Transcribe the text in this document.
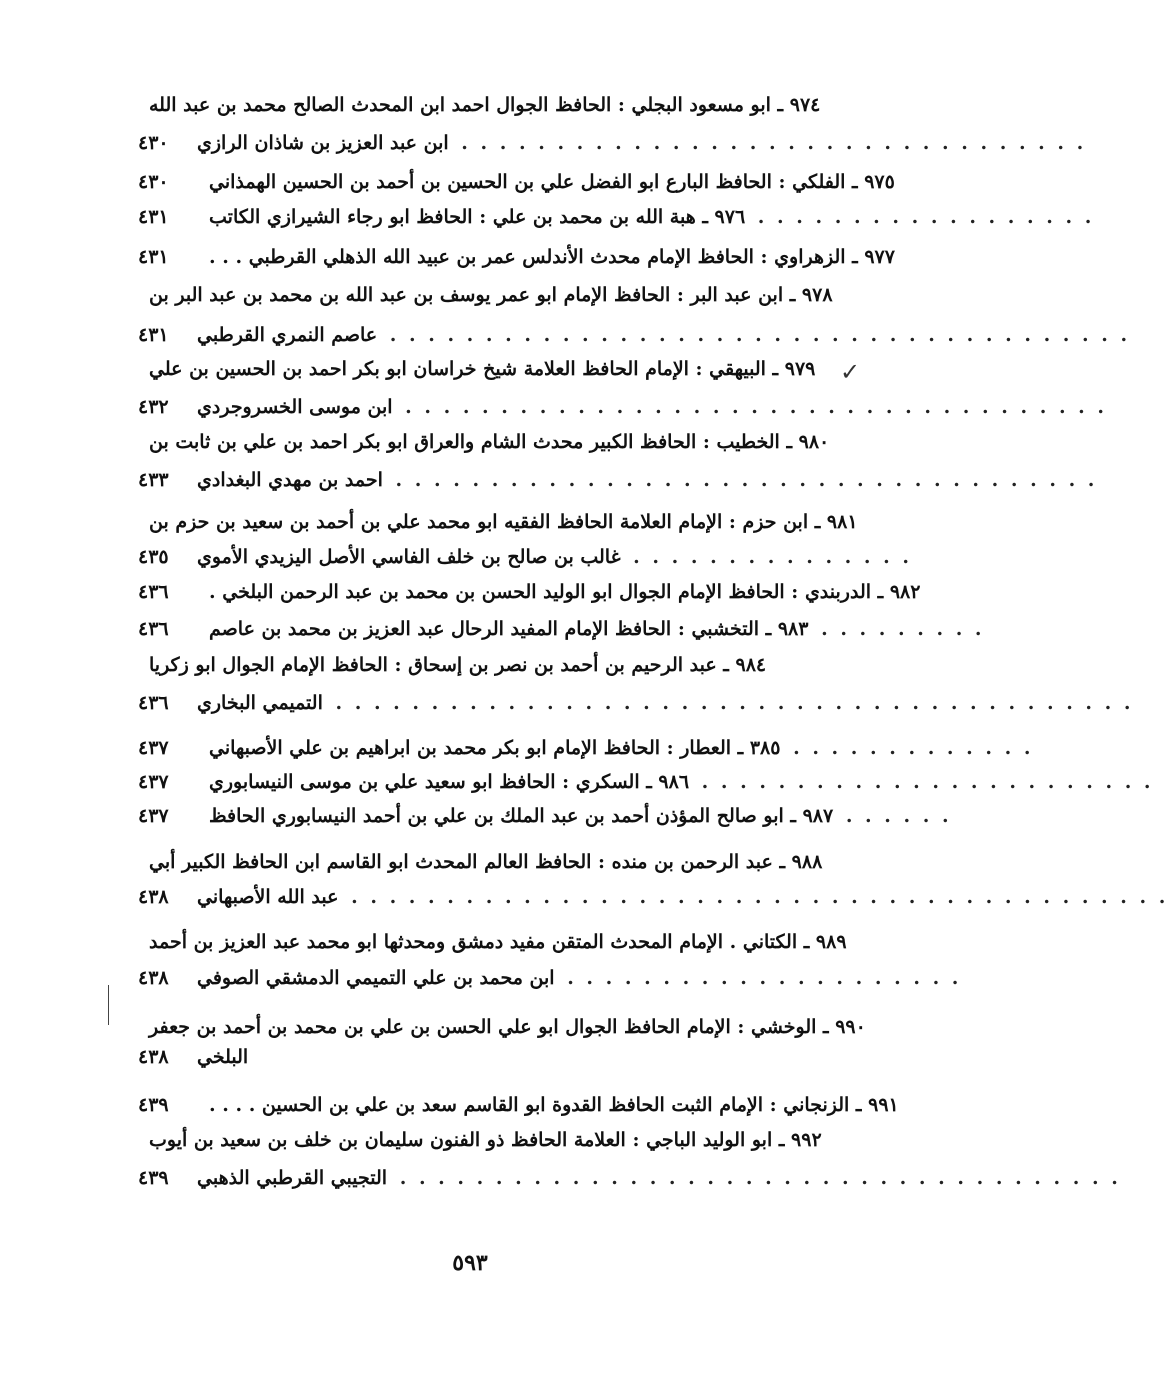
٩٧٤ ـ ابو مسعود البجلي : الحافظ الجوال احمد ابن المحدث الصالح محمد بن عبد الله
ابن عبد العزيز بن شاذان الرازي . . . . . . . . . . . . . . . . . . . . . . . . . . . . . . . . .
٤٣٠
٩٧٥ ـ الفلكي : الحافظ البارع ابو الفضل علي بن الحسين بن أحمد بن الحسين الهمذاني
٤٣٠
٩٧٦ ـ هبة الله بن محمد بن علي : الحافظ ابو رجاء الشيرازي الكاتب . . . . . . . . . . . . . . . . . .
٤٣١
٩٧٧ ـ الزهراوي : الحافظ الإمام محدث الأندلس عمر بن عبيد الله الذهلي القرطبي . . .
٤٣١
٩٧٨ ـ ابن عبد البر : الحافظ الإمام ابو عمر يوسف بن عبد الله بن محمد بن عبد البر بن
عاصم النمري القرطبي . . . . . . . . . . . . . . . . . . . . . . . . . . . . . . . . . . . . . . .
٤٣١
٩٧٩ ـ البيهقي : الإمام الحافظ العلامة شيخ خراسان ابو بكر احمد بن الحسين بن علي	✓
ابن موسى الخسروجردي . . . . . . . . . . . . . . . . . . . . . . . . . . . . . . . . . . . . .
٤٣٢
٩٨٠ ـ الخطيب : الحافظ الكبير محدث الشام والعراق ابو بكر احمد بن علي بن ثابت بن
احمد بن مهدي البغدادي . . . . . . . . . . . . . . . . . . . . . . . . . . . . . . . . . . . . .
٤٣٣
٩٨١ ـ ابن حزم : الإمام العلامة الحافظ الفقيه ابو محمد علي بن أحمد بن سعيد بن حزم بن
غالب بن صالح بن خلف الفاسي الأصل اليزيدي الأموي . . . . . . . . . . . . . . .
٤٣٥
٩٨٢ ـ الدربندي : الحافظ الإمام الجوال ابو الوليد الحسن بن محمد بن عبد الرحمن البلخي .
٤٣٦
٩٨٣ ـ التخشبي : الحافظ الإمام المفيد الرحال عبد العزيز بن محمد بن عاصم . . . . . . . . .
٤٣٦
٩٨٤ ـ عبد الرحيم بن أحمد بن نصر بن إسحاق : الحافظ الإمام الجوال ابو زكريا
التميمي البخاري . . . . . . . . . . . . . . . . . . . . . . . . . . . . . . . . . . . . . . . . . .
٤٣٦
٣٨٥ ـ العطار : الحافظ الإمام ابو بكر محمد بن ابراهيم بن علي الأصبهاني . . . . . . . . . . . . .
٤٣٧
٩٨٦ ـ السكري : الحافظ ابو سعيد علي بن موسى النيسابوري . . . . . . . . . . . . . . . . . . . . . . . .
٤٣٧
٩٨٧ ـ ابو صالح المؤذن أحمد بن عبد الملك بن علي بن أحمد النيسابوري الحافظ . . . . . .
٤٣٧
٩٨٨ ـ عبد الرحمن بن منده : الحافظ العالم المحدث ابو القاسم ابن الحافظ الكبير أبي
عبد الله الأصبهاني . . . . . . . . . . . . . . . . . . . . . . . . . . . . . . . . . . . . . . . . . . .
٤٣٨
٩٨٩ ـ الكتاني . الإمام المحدث المتقن مفيد دمشق ومحدثها ابو محمد عبد العزيز بن أحمد
ابن محمد بن علي التميمي الدمشقي الصوفي . . . . . . . . . . . . . . . . . . . . .
٤٣٨
٩٩٠ ـ الوخشي : الإمام الحافظ الجوال ابو علي الحسن بن علي بن محمد بن أحمد بن جعفر
البلخي
٤٣٨
٩٩١ ـ الزنجاني : الإمام الثبت الحافظ القدوة ابو القاسم سعد بن علي بن الحسين . . . .
٤٣٩
٩٩٢ ـ ابو الوليد الباجي : العلامة الحافظ ذو الفنون سليمان بن خلف بن سعيد بن أيوب
التجيبي القرطبي الذهبي . . . . . . . . . . . . . . . . . . . . . . . . . . . . . . . . . . . . . .
٤٣٩
٥٩٣
